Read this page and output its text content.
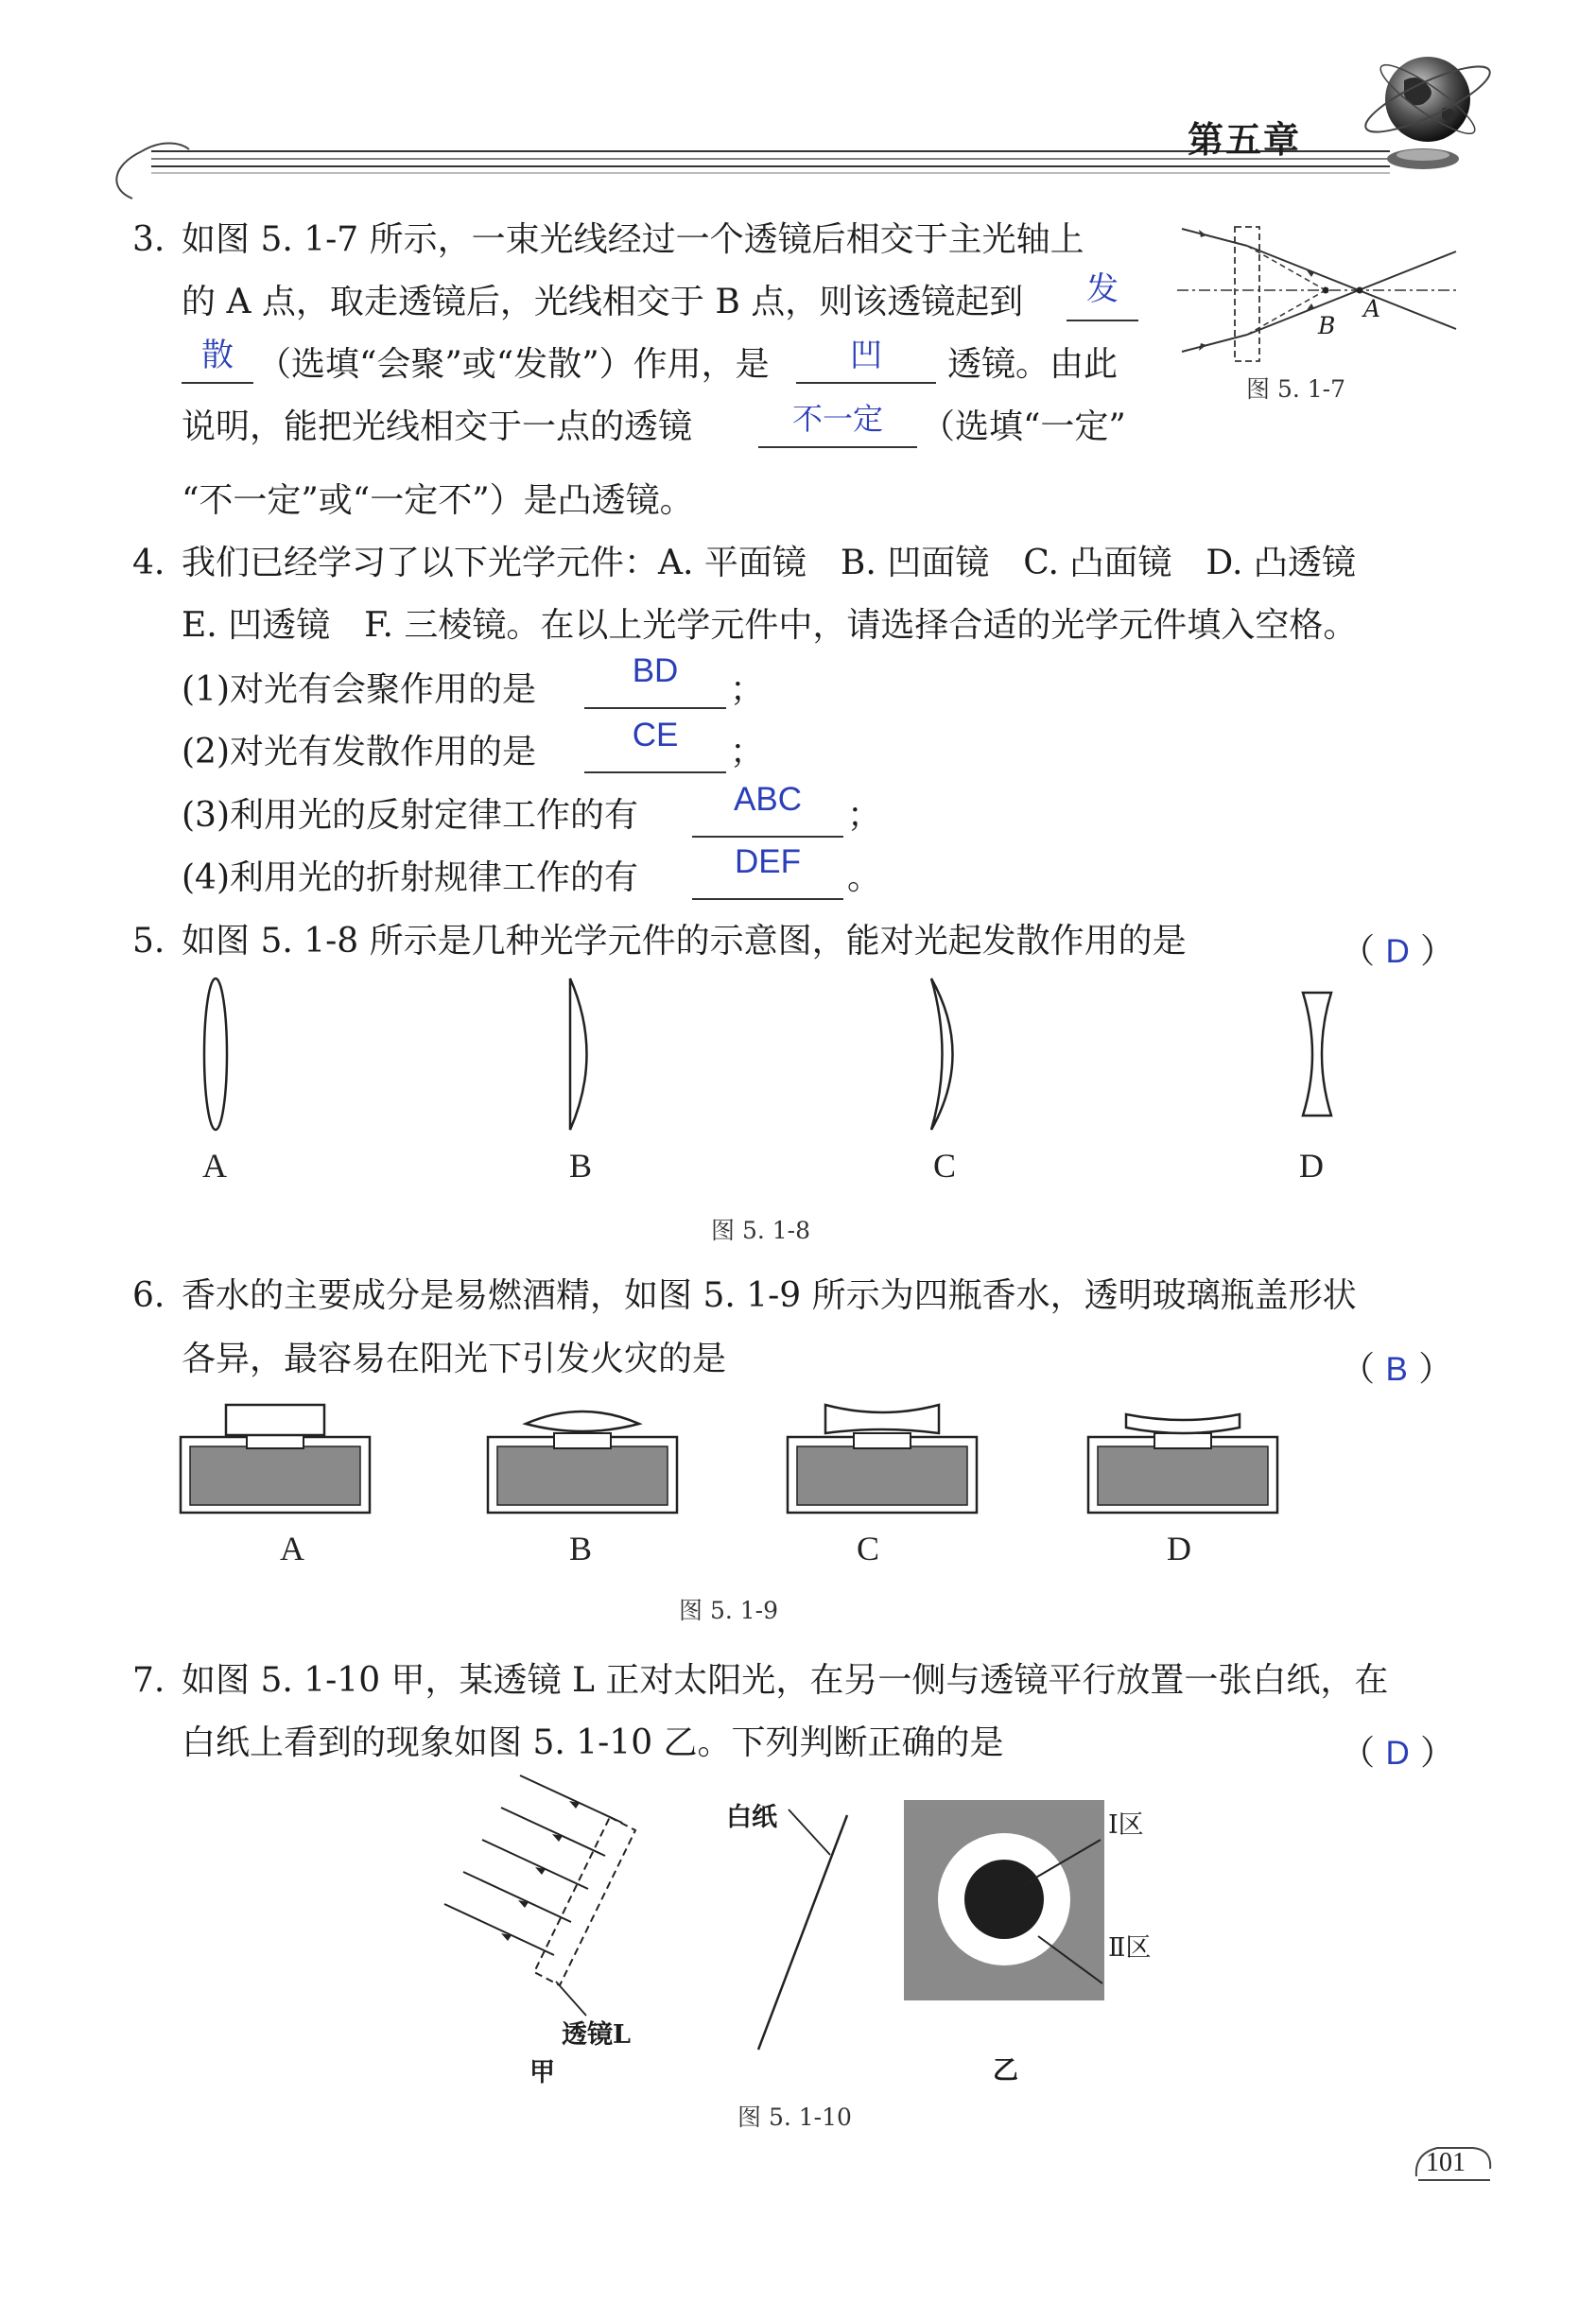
第五章
3. 如图 5. 1-7 所示，一束光线经过一个透镜后相交于主光轴上
的 A 点，取走透镜后，光线相交于 B 点，则该透镜起到	发
散 （选填“会聚”或“发散”）作用，是	凹	透镜。由此
说明，能把光线相交于一点的透镜	不一定	（选填“一定”
“不一定”或“一定不”）是凸透镜。
B
A
图 5. 1-7
4. 我们已经学习了以下光学元件：A. 平面镜　B. 凹面镜　C. 凸面镜　D. 凸透镜
E. 凹透镜　F. 三棱镜。在以上光学元件中，请选择合适的光学元件填入空格。
(1)对光有会聚作用的是	BD	；
(2)对光有发散作用的是	CE	；
(3)利用光的反射定律工作的有	ABC	；
(4)利用光的折射规律工作的有	DEF	。
5. 如图 5. 1-8 所示是几种光学元件的示意图，能对光起发散作用的是	（ D ）
A	B	C	D
图 5. 1-8
6. 香水的主要成分是易燃酒精，如图 5. 1-9 所示为四瓶香水，透明玻璃瓶盖形状
各异，最容易在阳光下引发火灾的是	（ B ）
A	B	C	D
图 5. 1-9
7. 如图 5. 1-10 甲，某透镜 L 正对太阳光，在另一侧与透镜平行放置一张白纸，在
白纸上看到的现象如图 5. 1-10 乙。下列判断正确的是	（ D ）
透镜L
甲
白纸	Ⅰ区
Ⅱ区
乙
图 5. 1-10
101
